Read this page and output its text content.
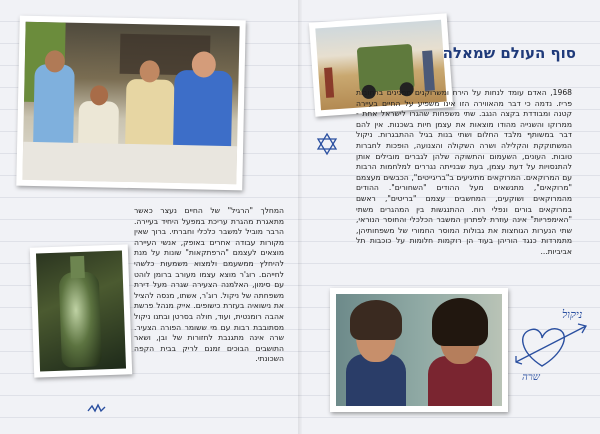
המחלך "הרגיל" של החיים נעצר כאשר מתאגרת מהגרת עריכת במפעל היחיד בעיירה. הרבר מוביל למשבר כלכלי וחברתי. ברוך שאין מקורות עבודה אחרים באופק, אנשי העיירה מוצאים לעצמם "הרפתקאות" שונות על מנת להיחלץ ממשעמם ולמצוא משמעות כלשהי לחייהם. רוג'ר מוצא עצמו מעורב ברומן לוהט עם סימון, האלמנה הצעירה שגרה מעל דירת משפחתה של ניקול. רוג'ר, אשתו, מנסה להציל את נישואיה בעזרת כישופים. אייק מנהל פרשת אהבה רומנטית, ועוד, חולה בסרטן ובתנו ניקול מסתובבת רבות עם מי ששומר הפורה הצעיר. שרה אינה מתגנבת לחזורות של ובן, ושאר התושבים הבוכים זמנם לריק בבית הקפה השכונתי.

סוף העולם שמאלה

1968, האדם עומד לנחות על הירח ומשרוקנים מפגינים ברחובות פריז. נדמה כי דבר מהאווירה הזו אינו משפיע על החיים בעיירה קטנה ומבודדת בקצה הנגב. שתי משפחות שהגרו לישראל אחת - ממרוקו והשנייה מהודו מוצאות את עצמן חיות בשכנות. אין להם דבר במשותף מלבד החלום ושתי בנות בגיל ההתבגרות. ניקול המשתוקקת והקלילה ושרה השקולה והצנועה, הופכות לחברות טובות. העונים, השעמום והתשוקה שלהן לגברים מובילים אותן להתנסויות על דעת עצמן, בעת שבנייתה נגררים למלחמות הרבות עם המרוקאים. המרוקאים מתיגיעים ב"בריגייטים", הכבשים מעצמם "מרוקאים", מתנשאים מעל ההודים "השחורים". ההודים מהמרוקאים ושוקעים, המחשבים עצמם "בריטים", ראשם במרוקאים בורים ונפלי רוח. ההתנגשות בין המהגרים משתי "האימפריות" אינה עוזרת לפתרון המשבר הכלכלי והחוסר הנוראי, שתי הנערות הגוחצות את גבולות המוסר החמורי של משפחותיהן, מתמרדות כנגד הוריהן בעוד הן רוקמות חלומות על כוכבות תל אביביות...

ניקול
שרה
